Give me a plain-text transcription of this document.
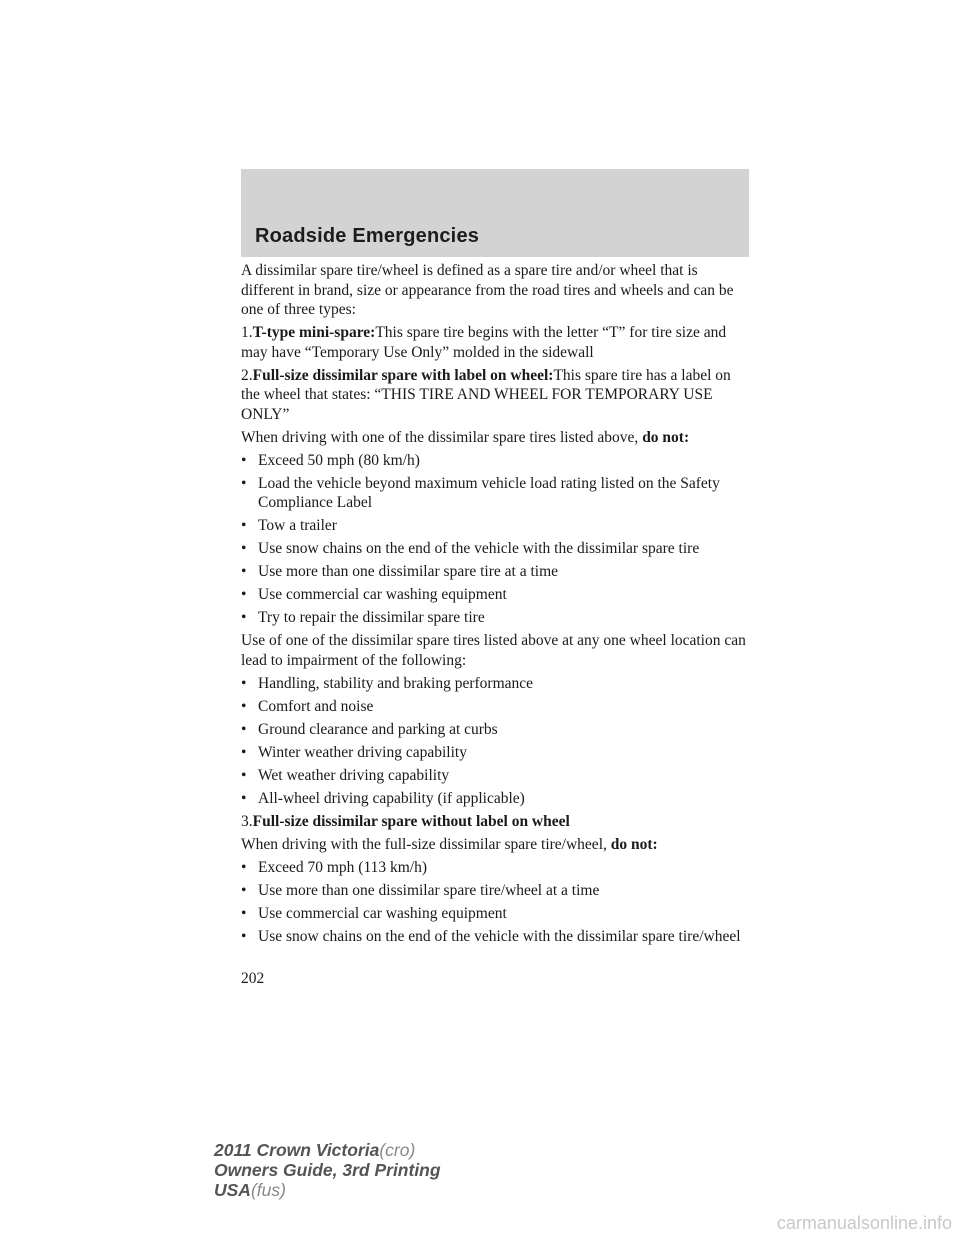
Roadside Emergencies

A dissimilar spare tire/wheel is defined as a spare tire and/or wheel that is different in brand, size or appearance from the road tires and wheels and can be one of three types:

1.T-type mini-spare:This spare tire begins with the letter “T” for tire size and may have “Temporary Use Only” molded in the sidewall

2.Full-size dissimilar spare with label on wheel:This spare tire has a label on the wheel that states: “THIS TIRE AND WHEEL FOR TEMPORARY USE ONLY”

When driving with one of the dissimilar spare tires listed above, do not:

• Exceed 50 mph (80 km/h)
• Load the vehicle beyond maximum vehicle load rating listed on the Safety Compliance Label
• Tow a trailer
• Use snow chains on the end of the vehicle with the dissimilar spare tire
• Use more than one dissimilar spare tire at a time
• Use commercial car washing equipment
• Try to repair the dissimilar spare tire

Use of one of the dissimilar spare tires listed above at any one wheel location can lead to impairment of the following:

• Handling, stability and braking performance
• Comfort and noise
• Ground clearance and parking at curbs
• Winter weather driving capability
• Wet weather driving capability
• All-wheel driving capability (if applicable)

3.Full-size dissimilar spare without label on wheel

When driving with the full-size dissimilar spare tire/wheel, do not:

• Exceed 70 mph (113 km/h)
• Use more than one dissimilar spare tire/wheel at a time
• Use commercial car washing equipment
• Use snow chains on the end of the vehicle with the dissimilar spare tire/wheel
202
2011 Crown Victoria(cro)
Owners Guide, 3rd Printing
USA(fus)
carmanualsonline.info
